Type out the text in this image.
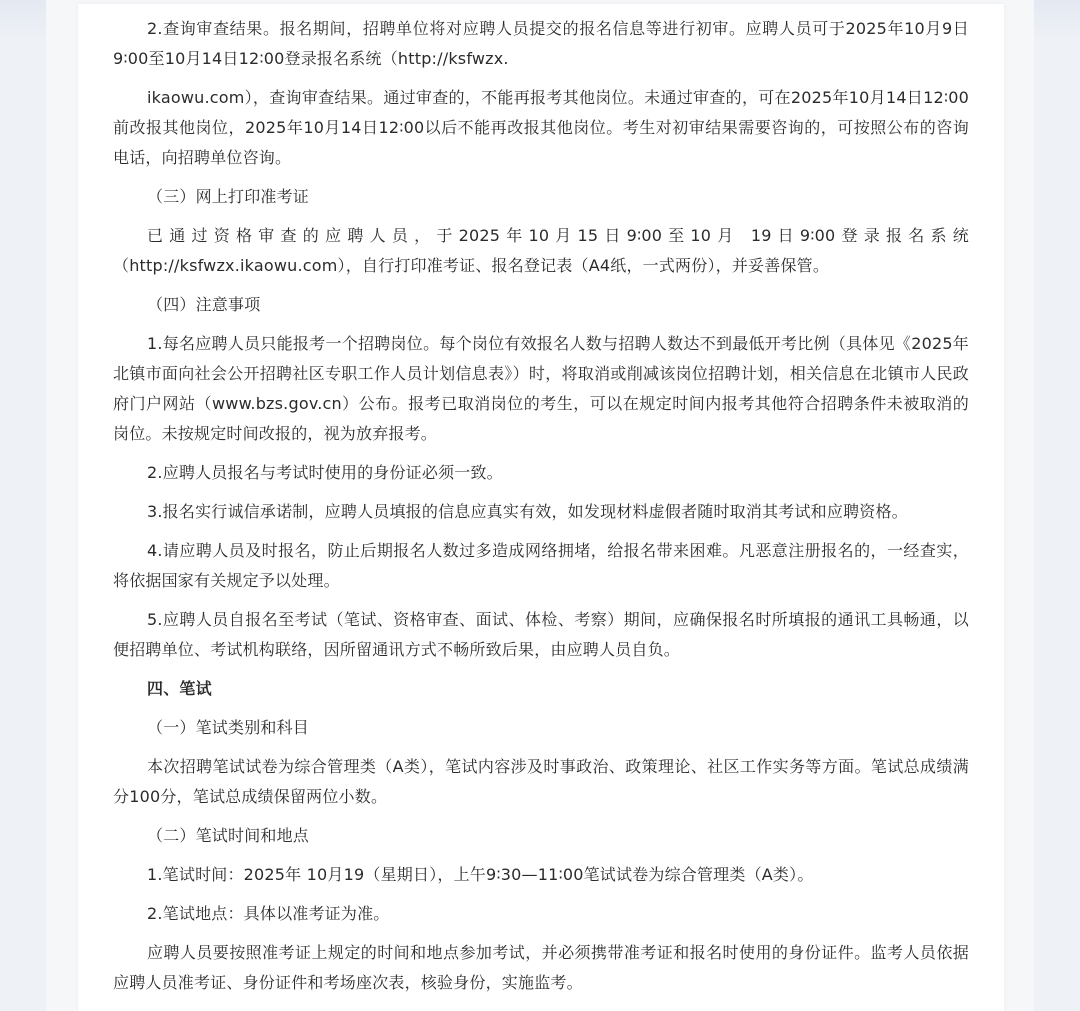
2.查询审查结果。报名期间，招聘单位将对应聘人员提交的报名信息等进行初审。应聘人员可于2025年10月9日9∶00至10月14日12∶00登录报名系统（http://ksfwzx.

ikaowu.com），查询审查结果。通过审查的，不能再报考其他岗位。未通过审查的，可在2025年10月14日12∶00前改报其他岗位，2025年10月14日12∶00以后不能再改报其他岗位。考生对初审结果需要咨询的，可按照公布的咨询电话，向招聘单位咨询。

（三）网上打印准考证

已通过资格审查的应聘人员，于2025年10月15日9∶00至10月 19日9∶00登录报名系统（http://ksfwzx.ikaowu.com），自行打印准考证、报名登记表（A4纸，一式两份），并妥善保管。

（四）注意事项

1.每名应聘人员只能报考一个招聘岗位。每个岗位有效报名人数与招聘人数达不到最低开考比例（具体见《2025年北镇市面向社会公开招聘社区专职工作人员计划信息表》）时，将取消或削减该岗位招聘计划，相关信息在北镇市人民政府门户网站（www.bzs.gov.cn）公布。报考已取消岗位的考生，可以在规定时间内报考其他符合招聘条件未被取消的岗位。未按规定时间改报的，视为放弃报考。

2.应聘人员报名与考试时使用的身份证必须一致。

3.报名实行诚信承诺制，应聘人员填报的信息应真实有效，如发现材料虚假者随时取消其考试和应聘资格。

4.请应聘人员及时报名，防止后期报名人数过多造成网络拥堵，给报名带来困难。凡恶意注册报名的，一经查实，将依据国家有关规定予以处理。

5.应聘人员自报名至考试（笔试、资格审查、面试、体检、考察）期间，应确保报名时所填报的通讯工具畅通，以便招聘单位、考试机构联络，因所留通讯方式不畅所致后果，由应聘人员自负。

四、笔试

（一）笔试类别和科目

本次招聘笔试试卷为综合管理类（A类），笔试内容涉及时事政治、政策理论、社区工作实务等方面。笔试总成绩满分100分，笔试总成绩保留两位小数。

（二）笔试时间和地点

1.笔试时间：2025年 10月19（星期日），上午9∶30—11∶00笔试试卷为综合管理类（A类）。

2.笔试地点：具体以准考证为准。

应聘人员要按照准考证上规定的时间和地点参加考试，并必须携带准考证和报名时使用的身份证件。监考人员依据应聘人员准考证、身份证件和考场座次表，核验身份，实施监考。
